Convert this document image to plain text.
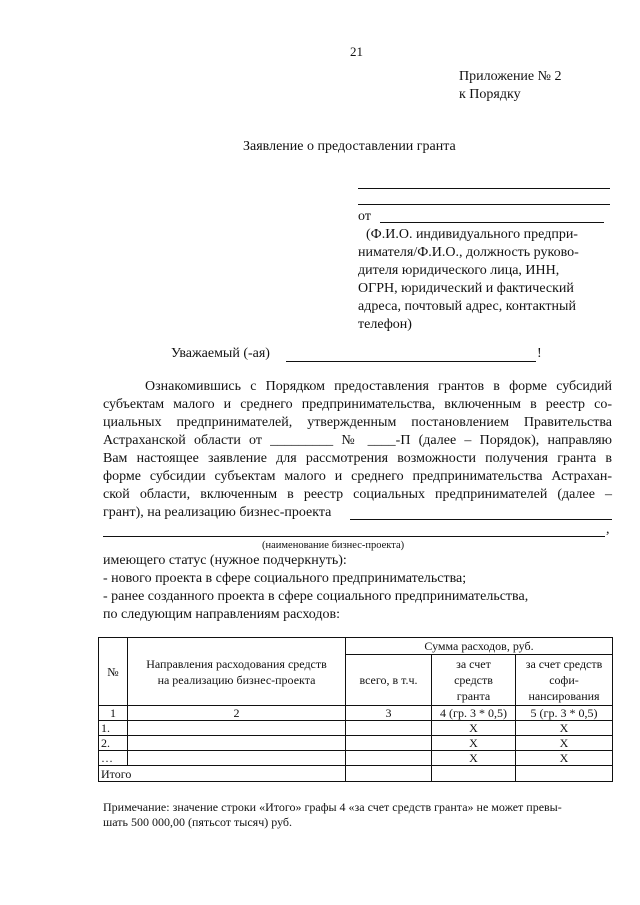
21
Приложение № 2
к Порядку
Заявление о предоставлении гранта
от
(Ф.И.О. индивидуального предпри-
нимателя/Ф.И.О., должность руково-
дителя юридического лица, ИНН,
ОГРН, юридический и фактический
адреса, почтовый адрес, контактный
телефон)
Уважаемый (-ая)	!
Ознакомившись с Порядком предоставления грантов в форме субсидий
субъектам малого и среднего предпринимательства, включенным в реестр со-
циальных предпринимателей, утвержденным постановлением Правительства
Астраханской области от _________ № ____-П (далее – Порядок), направляю
Вам настоящее заявление для рассмотрения возможности получения гранта в
форме субсидии субъектам малого и среднего предпринимательства Астрахан-
ской области, включенным в реестр социальных предпринимателей (далее –
грант), на реализацию бизнес-проекта
,
(наименование бизнес-проекта)
имеющего статус (нужное подчеркнуть):
- нового проекта в сфере социального предпринимательства;
- ранее созданного проекта в сфере социального предпринимательства,
по следующим направлениям расходов:
№	Направления расходования средств на реализацию бизнес-проекта	Сумма расходов, руб.		
		всего, в т.ч.	за счет средств гранта	за счет средств софи-нансирования
1	2	3	4 (гр. 3 * 0,5)	5 (гр. 3 * 0,5)
1.			X	X
2.			X	X
…			X	X
Итого				
Примечание: значение строки «Итого» графы 4 «за счет средств гранта» не может превы-
шать 500 000,00 (пятьсот тысяч) руб.
